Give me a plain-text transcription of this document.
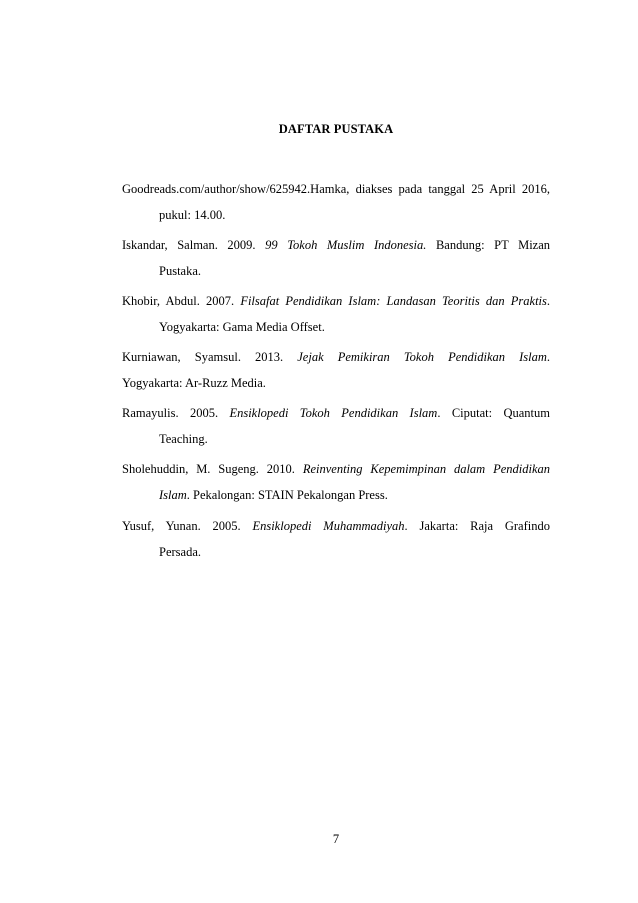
DAFTAR PUSTAKA

Goodreads.com/author/show/625942.Hamka, diakses pada tanggal 25 April 2016,
pukul: 14.00.

Iskandar, Salman. 2009. 99 Tokoh Muslim Indonesia. Bandung: PT Mizan
Pustaka.

Khobir, Abdul. 2007. Filsafat Pendidikan Islam: Landasan Teoritis dan Praktis.
Yogyakarta: Gama Media Offset.

Kurniawan, Syamsul. 2013. Jejak Pemikiran Tokoh Pendidikan Islam.
Yogyakarta: Ar-Ruzz Media.

Ramayulis. 2005. Ensiklopedi Tokoh Pendidikan Islam. Ciputat: Quantum
Teaching.

Sholehuddin, M. Sugeng. 2010. Reinventing Kepemimpinan dalam Pendidikan
Islam. Pekalongan: STAIN Pekalongan Press.

Yusuf, Yunan. 2005. Ensiklopedi Muhammadiyah. Jakarta: Raja Grafindo
Persada.

7
